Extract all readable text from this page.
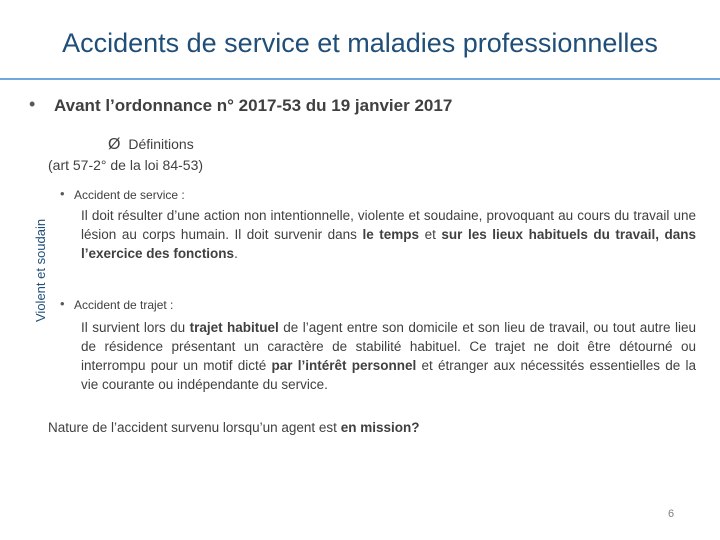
Accidents de service et maladies professionnelles
• Avant l’ordonnance n° 2017-53 du 19 janvier 2017
Ø Définitions
(art 57-2° de la loi 84-53)
Violent et soudain
• Accident de service :
Il doit résulter d’une action non intentionnelle, violente et soudaine, provoquant au cours du travail une lésion au corps humain. Il doit survenir dans le temps et sur les lieux habituels du travail, dans l’exercice des fonctions.
• Accident de trajet :
Il survient lors du trajet habituel de l’agent entre son domicile et son lieu de travail, ou tout autre lieu de résidence présentant un caractère de stabilité habituel. Ce trajet ne doit être détourné ou interrompu pour un motif dicté par l’intérêt personnel et étranger aux nécessités essentielles de la vie courante ou indépendante du service.
Nature de l’accident survenu lorsqu’un agent est en mission?
6
